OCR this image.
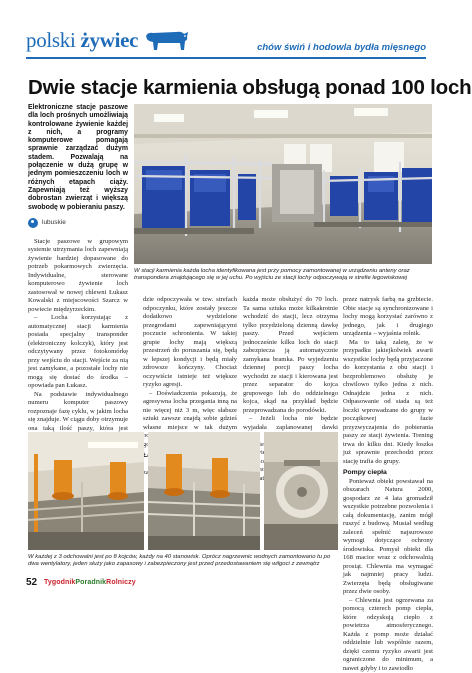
polski żywiec	chów świń i hodowla bydła mięsnego
Dwie stacje karmienia obsługą ponad 100 loch

Elektroniczne stacje paszowe dla loch prośnych umożliwiają kontrolowane żywienie każdej z nich, a programy komputerowe pomagają sprawnie zarządzać dużym stadem. Pozwalają na połączenie w dużą grupę w jednym pomieszczeniu loch w różnych etapach ciąży. Zapewniają też wyższy dobrostan zwierząt i większą swobodę w pobieraniu paszy.

lubuskie

Stacje paszowe w grupowym systemie utrzymania loch zapewniają żywienie bardziej dopasowane do potrzeb pokarmowych zwierzęcia. Indywidualne, sterowane komputerowo żywienie loch zastosował w nowej chlewni Łukasz Kowalski z miejscowości Szarcz w powiecie międzyrzeckim.

– Locha korzystając z automatycznej stacji karmienia posiada specjalny transponder (elektroniczny kolczyk), który jest odczytywany przez fotokomórkę przy wejściu do stacji. Wejście za nią jest zamykane, a pozostałe lochy nie mogą się dostać do środka – opowiada pan Łukasz.

Na podstawie indywidualnego numeru komputer paszowy rozpoznaje fazę cyklu, w jakim locha się znajduje. W ciągu doby otrzymuje ona taką ilość paszy, która jest

W stacji karmienia każda locha identyfikowana jest przy pomocy zamontowanej w urządzeniu anteny oraz transpondera znajdującego się w jej uchu. Po wyjściu ze stacji lochy odpoczywają w strefie legowiskowej

dzie odpoczywała w tzw. strefach odpoczynku, które zostały jeszcze dodatkowo wydzielone przegrodami zapewniającymi poczucie schronienia. W takiej grupie lochy mają większą przestrzeń do poruszania się, będą w lepszej kondycji i będą miały zdrowsze kończyny. Chociaż oczywiście istnieje też większe ryzyko agresji.

– Doświadczenia pokazują, że agresywna locha przegania inną na nie więcej niż 3 m, więc słabsze sztuki zawsze znajdą sobie gdzieś własne miejsce w tak dużym

każda może obsłużyć do 70 loch. Ta sama sztuka może kilkakrotnie wchodzić do stacji, lecz otrzyma tylko przydzieloną dzienną dawkę paszy. Przed wejściem jednocześnie kilku loch do stacji zabezpiecza ją automatycznie zamykana bramka. Po wyjedzeniu dziennej porcji paszy locha wychodzi ze stacji i kierowana jest przez separator do kojca grupowego lub do oddzielnego kojca, skąd na przykład będzie przeprowadzana do porodówki.

– Jeżeli locha nie będzie wyjadała zaplanowanej dawki odpowiednio automatycznie

przez natrysk farbą na grzbiecie. Obie stacje są synchronizowane i lochy mogą korzystać zarówno z jednego, jak i drugiego urządzenia – wyjaśnia rolnik.

Ma to taką zaletę, że w przypadku jakiejkolwiek awarii wszystkie lochy będą przyjaczone do korzystania z obu stacji i bezproblemowo obsłużę je chwilowo tylko jedna z nich. Odnajdzie jedna z nich. Odpasowanie od stada są też łoczki wprowadzane do grupy w początkowej fazie przyzwyczajenia do pobierania paszy ze stacji żywienia. Trening trwa do kilku dni. Kiedy łoszka już sprawnie przechodzi przez stację trafia do grupy.

Pompy ciepła

Ponieważ obiekt powstawał na obszarach Natura 2000, gospodarz ze 4 lata gromadził wszystkie potrzebne pozwolenia i całą dokumentację, zanim mógł ruszyć z budową. Musiał według zaleceń spełnić najsurowsze wymogi dotyczące ochrony środowiska. Pomysł obiekt dla 168 macior wraz z odchowalnią prosiąt. Chlewnia ma wymagać jak najmniej pracy ludzi. Zwierzęta będą obsługiwane przez dwie osoby.

– Chlewnia jest ogrzewana za pomocą czterech pomp ciepła, które odzyskują ciepło z powietrza atmosferycznego. Każda z pomp może działać oddzielnie lub wspólnie razem, dzięki czemu ryzyko awarii jest ograniczone do minimum, a nawet gdyby i to zawiodło

W każdej z 3 odchowalni jest po 8 kojców, każdy na 40 stanowisk. Oprócz nagrzewnic wodnych zamontowano tu po dwa wentylatory, jeden służy jako zapasowy i zabezpieczony jest przed przedostawaniem się wilgoci z zewnątrz
52 TygodnikPoradnikRolniczy
